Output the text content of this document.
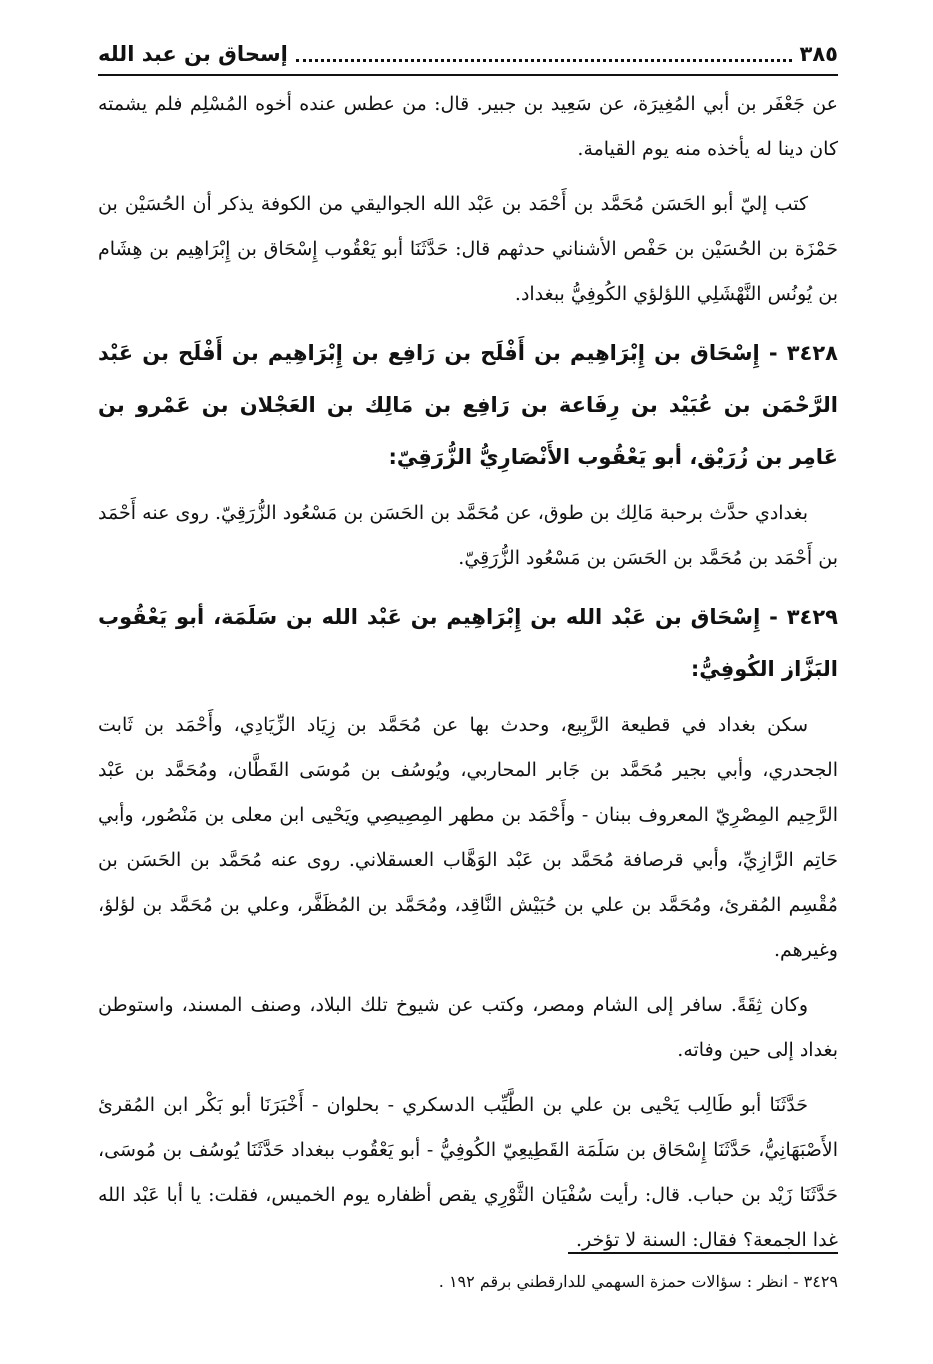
إسحاق بن عبد الله	٣٨٥

عن جَعْفَر بن أبي المُغِيرَة، عن سَعِيد بن جبير. قال: من عطس عنده أخوه المُسْلِم فلم يشمته كان دينا له يأخذه منه يوم القيامة.

كتب إليّ أبو الحَسَن مُحَمَّد بن أَحْمَد بن عَبْد الله الجواليقي من الكوفة يذكر أن الحُسَيْن بن حَمْزَة بن الحُسَيْن بن حَفْص الأشناني حدثهم قال: حَدَّثَنَا أبو يَعْقُوب إِسْحَاق بن إِبْرَاهِيم بن هِشَام بن يُونُس النَّهْشَلِي اللؤلؤي الكُوفِيُّ ببغداد.

٣٤٢٨ - إِسْحَاق بن إِبْرَاهِيم بن أَفْلَح بن رَافِع بن إِبْرَاهِيم بن أَفْلَح بن عَبْد الرَّحْمَن بن عُبَيْد بن رِفَاعة بن رَافِع بن مَالِك بن العَجْلان بن عَمْرو بن عَامِر بن زُرَيْق، أبو يَعْقُوب الأَنْصَارِيُّ الزُّرَقِيّ:

بغدادي حدَّث برحبة مَالِك بن طوق، عن مُحَمَّد بن الحَسَن بن مَسْعُود الزُّرَقِيّ. روى عنه أَحْمَد بن أَحْمَد بن مُحَمَّد بن الحَسَن بن مَسْعُود الزُّرَقِيّ.

٣٤٢٩ - إِسْحَاق بن عَبْد الله بن إِبْرَاهِيم بن عَبْد الله بن سَلَمَة، أبو يَعْقُوب البَزَّاز الكُوفِيُّ:

سكن بغداد في قطيعة الرَّبِيع، وحدث بها عن مُحَمَّد بن زِيَاد الزِّيَادِي، وأَحْمَد بن ثَابت الجحدري، وأبي بجير مُحَمَّد بن جَابر المحاربي، ويُوسُف بن مُوسَى القَطَّان، ومُحَمَّد بن عَبْد الرَّحِيم المِصْرِيّ المعروف ببنان - وأَحْمَد بن مطهر المِصِيصِي ويَحْيى ابن معلى بن مَنْصُور، وأبي حَاتِم الرَّازِيِّ، وأبي قرصافة مُحَمَّد بن عَبْد الوَهَّاب العسقلاني. روى عنه مُحَمَّد بن الحَسَن بن مُقْسِم المُقرئ، ومُحَمَّد بن علي بن حُبَيْش النَّاقِد، ومُحَمَّد بن المُظَفَّر، وعلي بن مُحَمَّد بن لؤلؤ، وغيرهم.

وكان ثِقَةً. سافر إلى الشام ومصر، وكتب عن شيوخ تلك البلاد، وصنف المسند، واستوطن بغداد إلى حين وفاته.

حَدَّثَنَا أبو طَالِب يَحْيى بن علي بن الطَّيِّب الدسكري - بحلوان - أَخْبَرَنَا أبو بَكْر ابن المُقرئ الأَصْبَهَانِيُّ، حَدَّثَنَا إِسْحَاق بن سَلَمَة القَطِيعِيّ الكُوفِيُّ - أبو يَعْقُوب ببغداد حَدَّثَنَا يُوسُف بن مُوسَى، حَدَّثَنَا زَيْد بن حباب. قال: رأيت سُفْيَان الثَّوْرِي يقص أظفاره يوم الخميس، فقلت: يا أبا عَبْد الله غدا الجمعة؟ فقال: السنة لا تؤخر.

٣٤٢٩ - انظر : سؤالات حمزة السهمي للدارقطني برقم ١٩٢ .
